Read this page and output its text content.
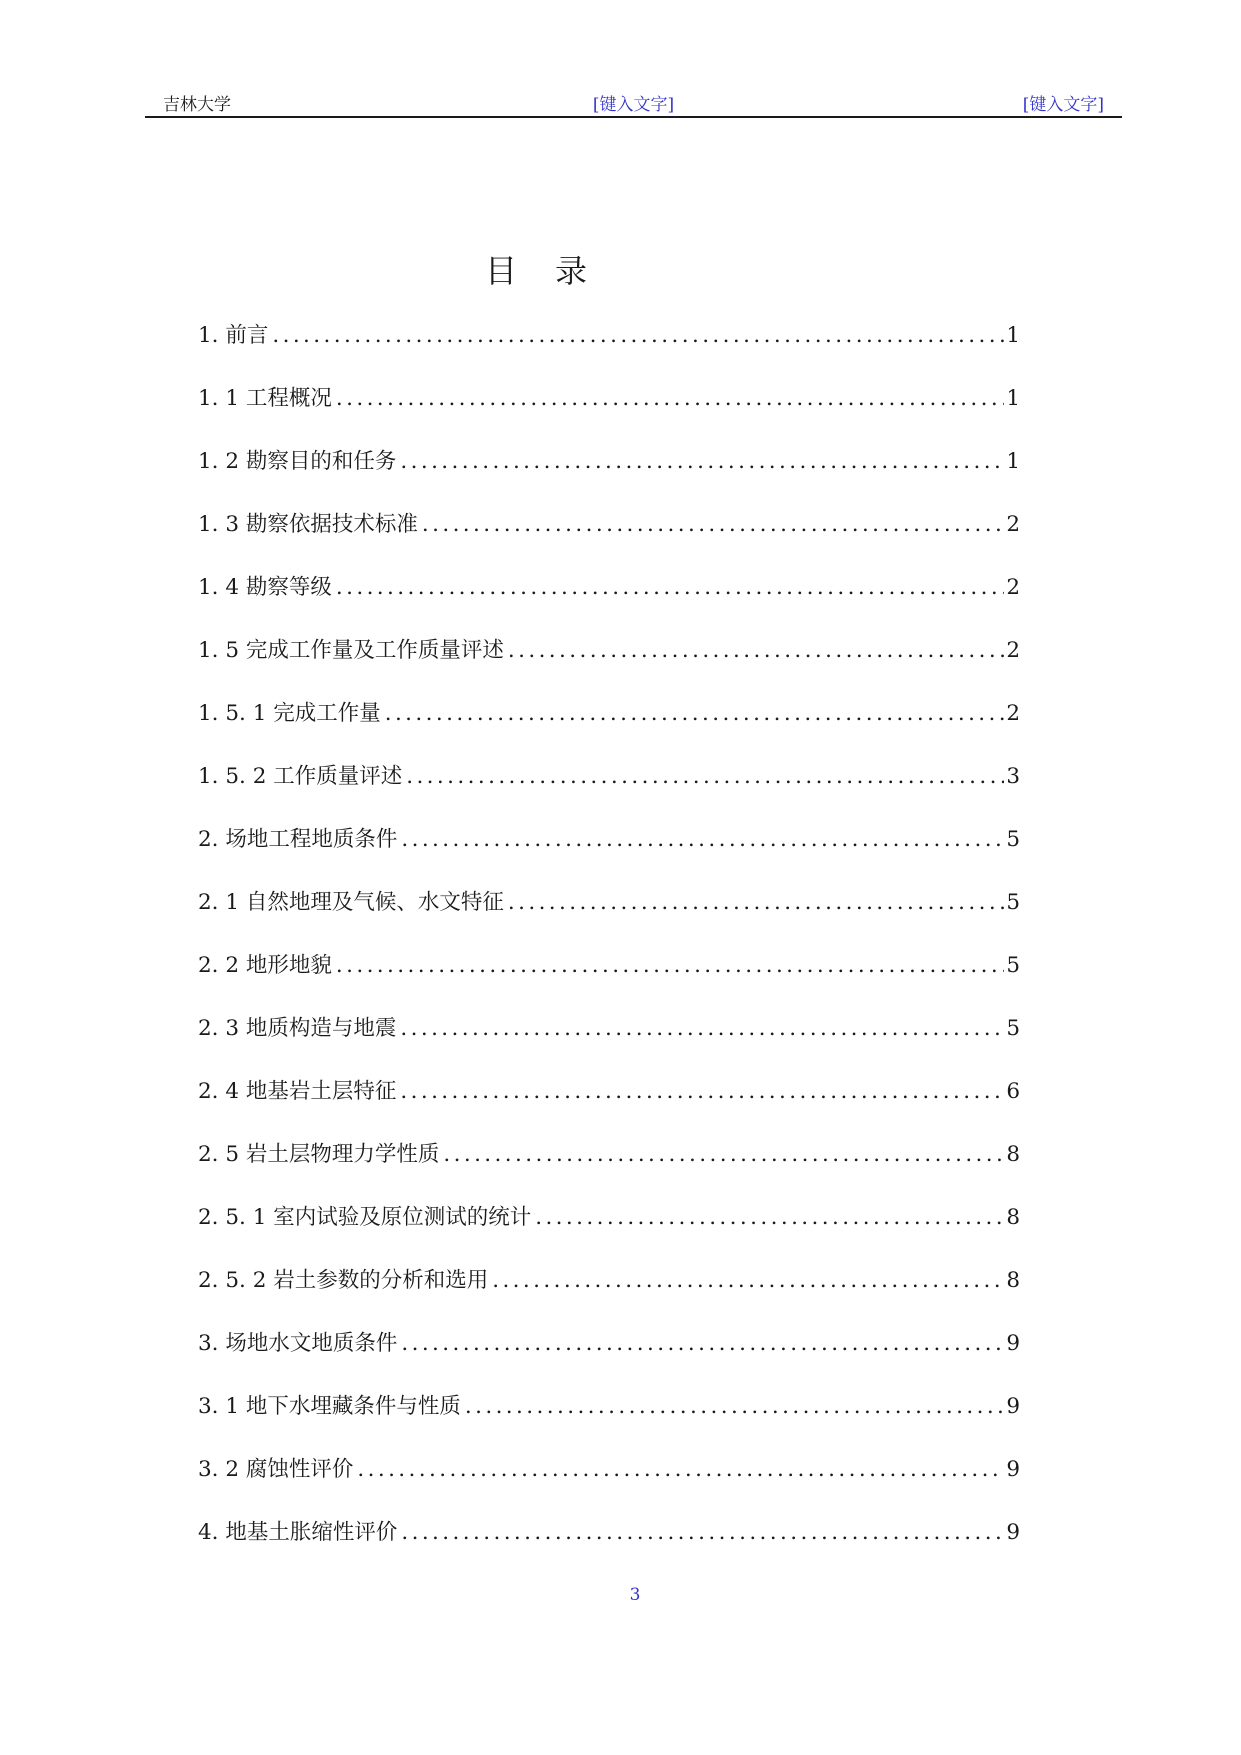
吉林大学	[键入文字]	[键入文字]
目录
1. 前言 .....	1
1. 1 工程概况 .....	1
1. 2 勘察目的和任务 .....	1
1. 3 勘察依据技术标准 .....	2
1. 4 勘察等级 .....	2
1. 5 完成工作量及工作质量评述 .....	2
1. 5. 1 完成工作量 .....	2
1. 5. 2 工作质量评述 .....	3
2. 场地工程地质条件 .....	5
2. 1 自然地理及气候、水文特征 .....	5
2. 2 地形地貌 .....	5
2. 3 地质构造与地震 .....	5
2. 4 地基岩土层特征 .....	6
2. 5 岩土层物理力学性质 .....	8
2. 5. 1 室内试验及原位测试的统计 .....	8
2. 5. 2 岩土参数的分析和选用 .....	8
3. 场地水文地质条件 .....	9
3. 1 地下水埋藏条件与性质 .....	9
3. 2 腐蚀性评价 .....	9
4. 地基土胀缩性评价 .....	9
3
